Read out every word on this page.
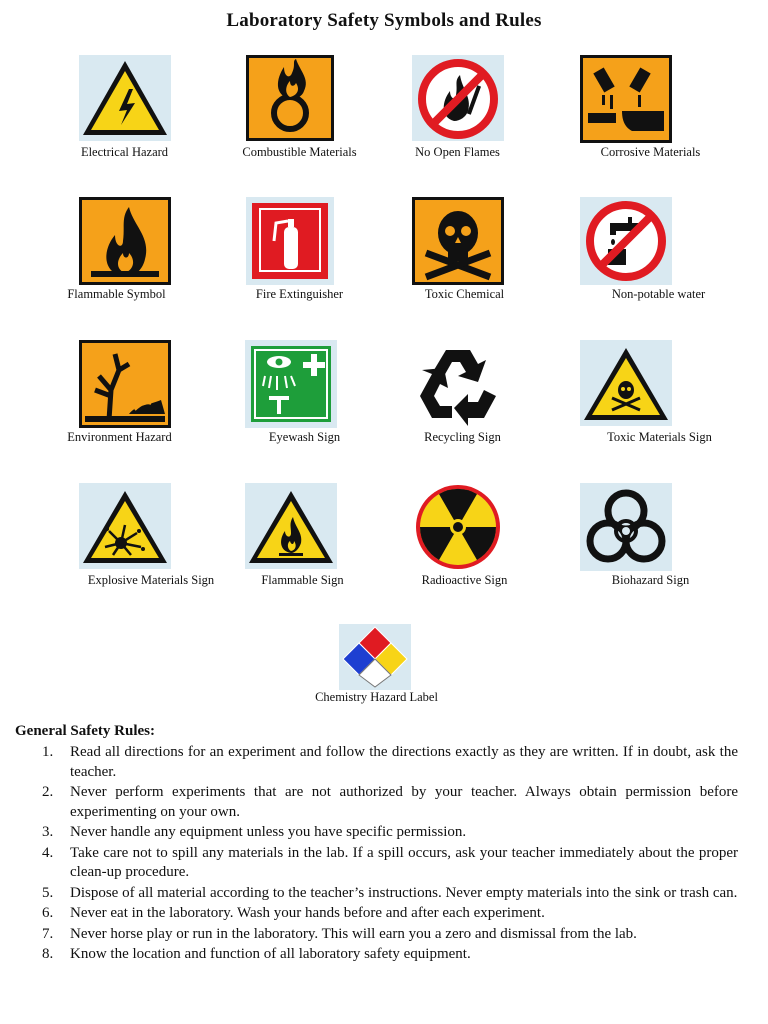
Laboratory Safety Symbols and Rules
Electrical Hazard	Combustible Materials	No Open Flames	Corrosive Materials
Flammable Symbol	Fire Extinguisher	Toxic Chemical	Non-potable water
Environment Hazard	Eyewash Sign	Recycling Sign	Toxic Materials Sign
Explosive Materials Sign	Flammable Sign	Radioactive Sign	Biohazard Sign
Chemistry Hazard Label
General Safety Rules:
1. Read all directions for an experiment and follow the directions exactly as they are written. If in doubt, ask the teacher.
2. Never perform experiments that are not authorized by your teacher. Always obtain permission before experimenting on your own.
3. Never handle any equipment unless you have specific permission.
4. Take care not to spill any materials in the lab. If a spill occurs, ask your teacher immediately about the proper clean-up procedure.
5. Dispose of all material according to the teacher’s instructions. Never empty materials into the sink or trash can.
6. Never eat in the laboratory. Wash your hands before and after each experiment.
7. Never horse play or run in the laboratory. This will earn you a zero and dismissal from the lab.
8. Know the location and function of all laboratory safety equipment.
